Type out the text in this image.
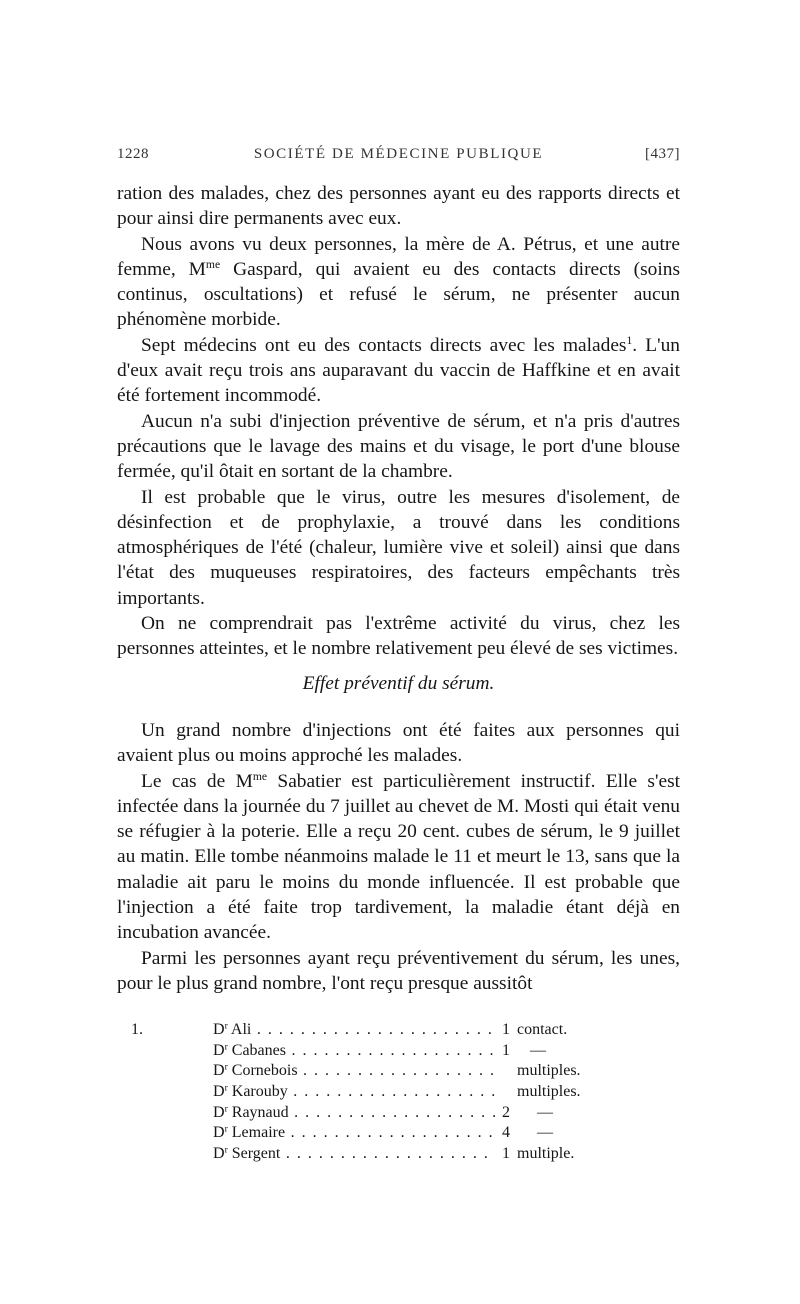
1228	SOCIÉTÉ DE MÉDECINE PUBLIQUE	[437]

ration des malades, chez des personnes ayant eu des rapports directs et pour ainsi dire permanents avec eux.

Nous avons vu deux personnes, la mère de A. Pétrus, et une autre femme, $M^{me}$ Gaspard, qui avaient eu des contacts directs (soins continus, oscultations) et refusé le sérum, ne présenter aucun phénomène morbide.

Sept médecins ont eu des contacts directs avec les malades$^1$. L'un d'eux avait reçu trois ans auparavant du vaccin de Haffkine et en avait été fortement incommodé.

Aucun n'a subi d'injection préventive de sérum, et n'a pris d'autres précautions que le lavage des mains et du visage, le port d'une blouse fermée, qu'il ôtait en sortant de la chambre.

Il est probable que le virus, outre les mesures d'isolement, de désinfection et de prophylaxie, a trouvé dans les conditions atmosphériques de l'été (chaleur, lumière vive et soleil) ainsi que dans l'état des muqueuses respiratoires, des facteurs empêchants très importants.

On ne comprendrait pas l'extrême activité du virus, chez les personnes atteintes, et le nombre relativement peu élevé de ses victimes.

Effet préventif du sérum.

Un grand nombre d'injections ont été faites aux personnes qui avaient plus ou moins approché les malades.

Le cas de $M^{me}$ Sabatier est particulièrement instructif. Elle s'est infectée dans la journée du 7 juillet au chevet de M. Mosti qui était venu se réfugier à la poterie. Elle a reçu 20 cent. cubes de sérum, le 9 juillet au matin. Elle tombe néanmoins malade le 11 et meurt le 13, sans que la maladie ait paru le moins du monde influencée. Il est probable que l'injection a été faite trop tardivement, la maladie étant déjà en incubation avancée.

Parmi les personnes ayant reçu préventivement du sérum, les unes, pour le plus grand nombre, l'ont reçu presque aussitôt

1.	$D^r$ Ali . . .	1 contact.
$D^r$ Cabanes . . .	1 —
$D^r$ Cornebois . . .	multiples.
$D^r$ Karouby . . .	multiples.
$D^r$ Raynaud . . .	2 —
$D^r$ Lemaire . . .	4 —
$D^r$ Sergent . . .	1 multiple.
